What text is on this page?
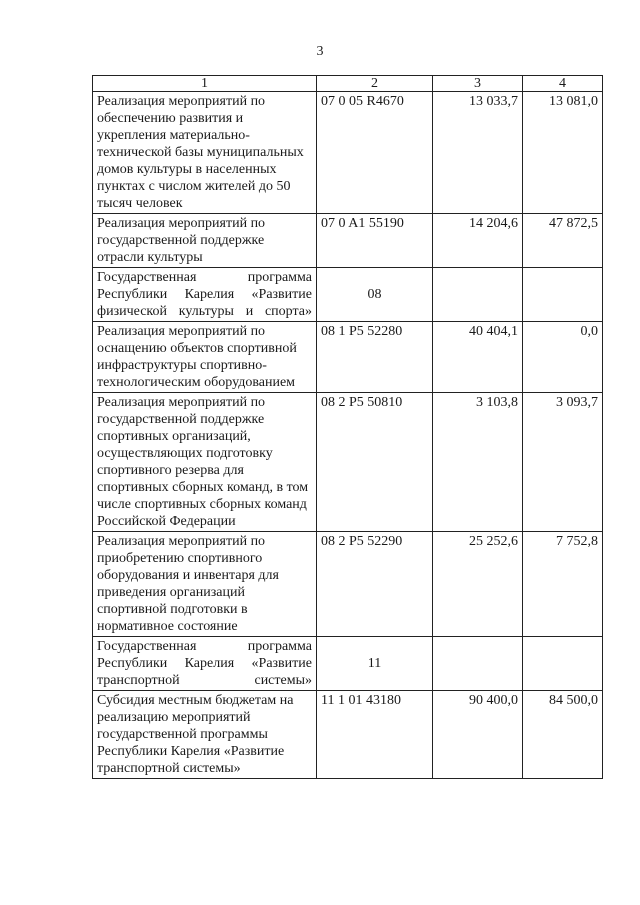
3
1	2	3	4
Реализация мероприятий по обеспечению развития и укрепления материально-технической базы муниципальных домов культуры в населенных пунктах с числом жителей до 50 тысяч человек	07 0 05 R4670	13 033,7	13 081,0
Реализация мероприятий по государственной поддержке отрасли культуры	07 0 A1 55190	14 204,6	47 872,5
Государственная программа Республики Карелия «Развитие физической культуры и спорта»	08		
Реализация мероприятий по оснащению объектов спортивной инфраструктуры спортивно-технологическим оборудованием	08 1 P5 52280	40 404,1	0,0
Реализация мероприятий по государственной поддержке спортивных организаций, осуществляющих подготовку спортивного резерва для спортивных сборных команд, в том числе спортивных сборных команд Российской Федерации	08 2 P5 50810	3 103,8	3 093,7
Реализация мероприятий по приобретению спортивного оборудования и инвентаря для приведения организаций спортивной подготовки в нормативное состояние	08 2 P5 52290	25 252,6	7 752,8
Государственная программа Республики Карелия «Развитие транспортной системы»	11		
Субсидия местным бюджетам на реализацию мероприятий государственной программы Республики Карелия «Развитие транспортной системы»	11 1 01 43180	90 400,0	84 500,0
